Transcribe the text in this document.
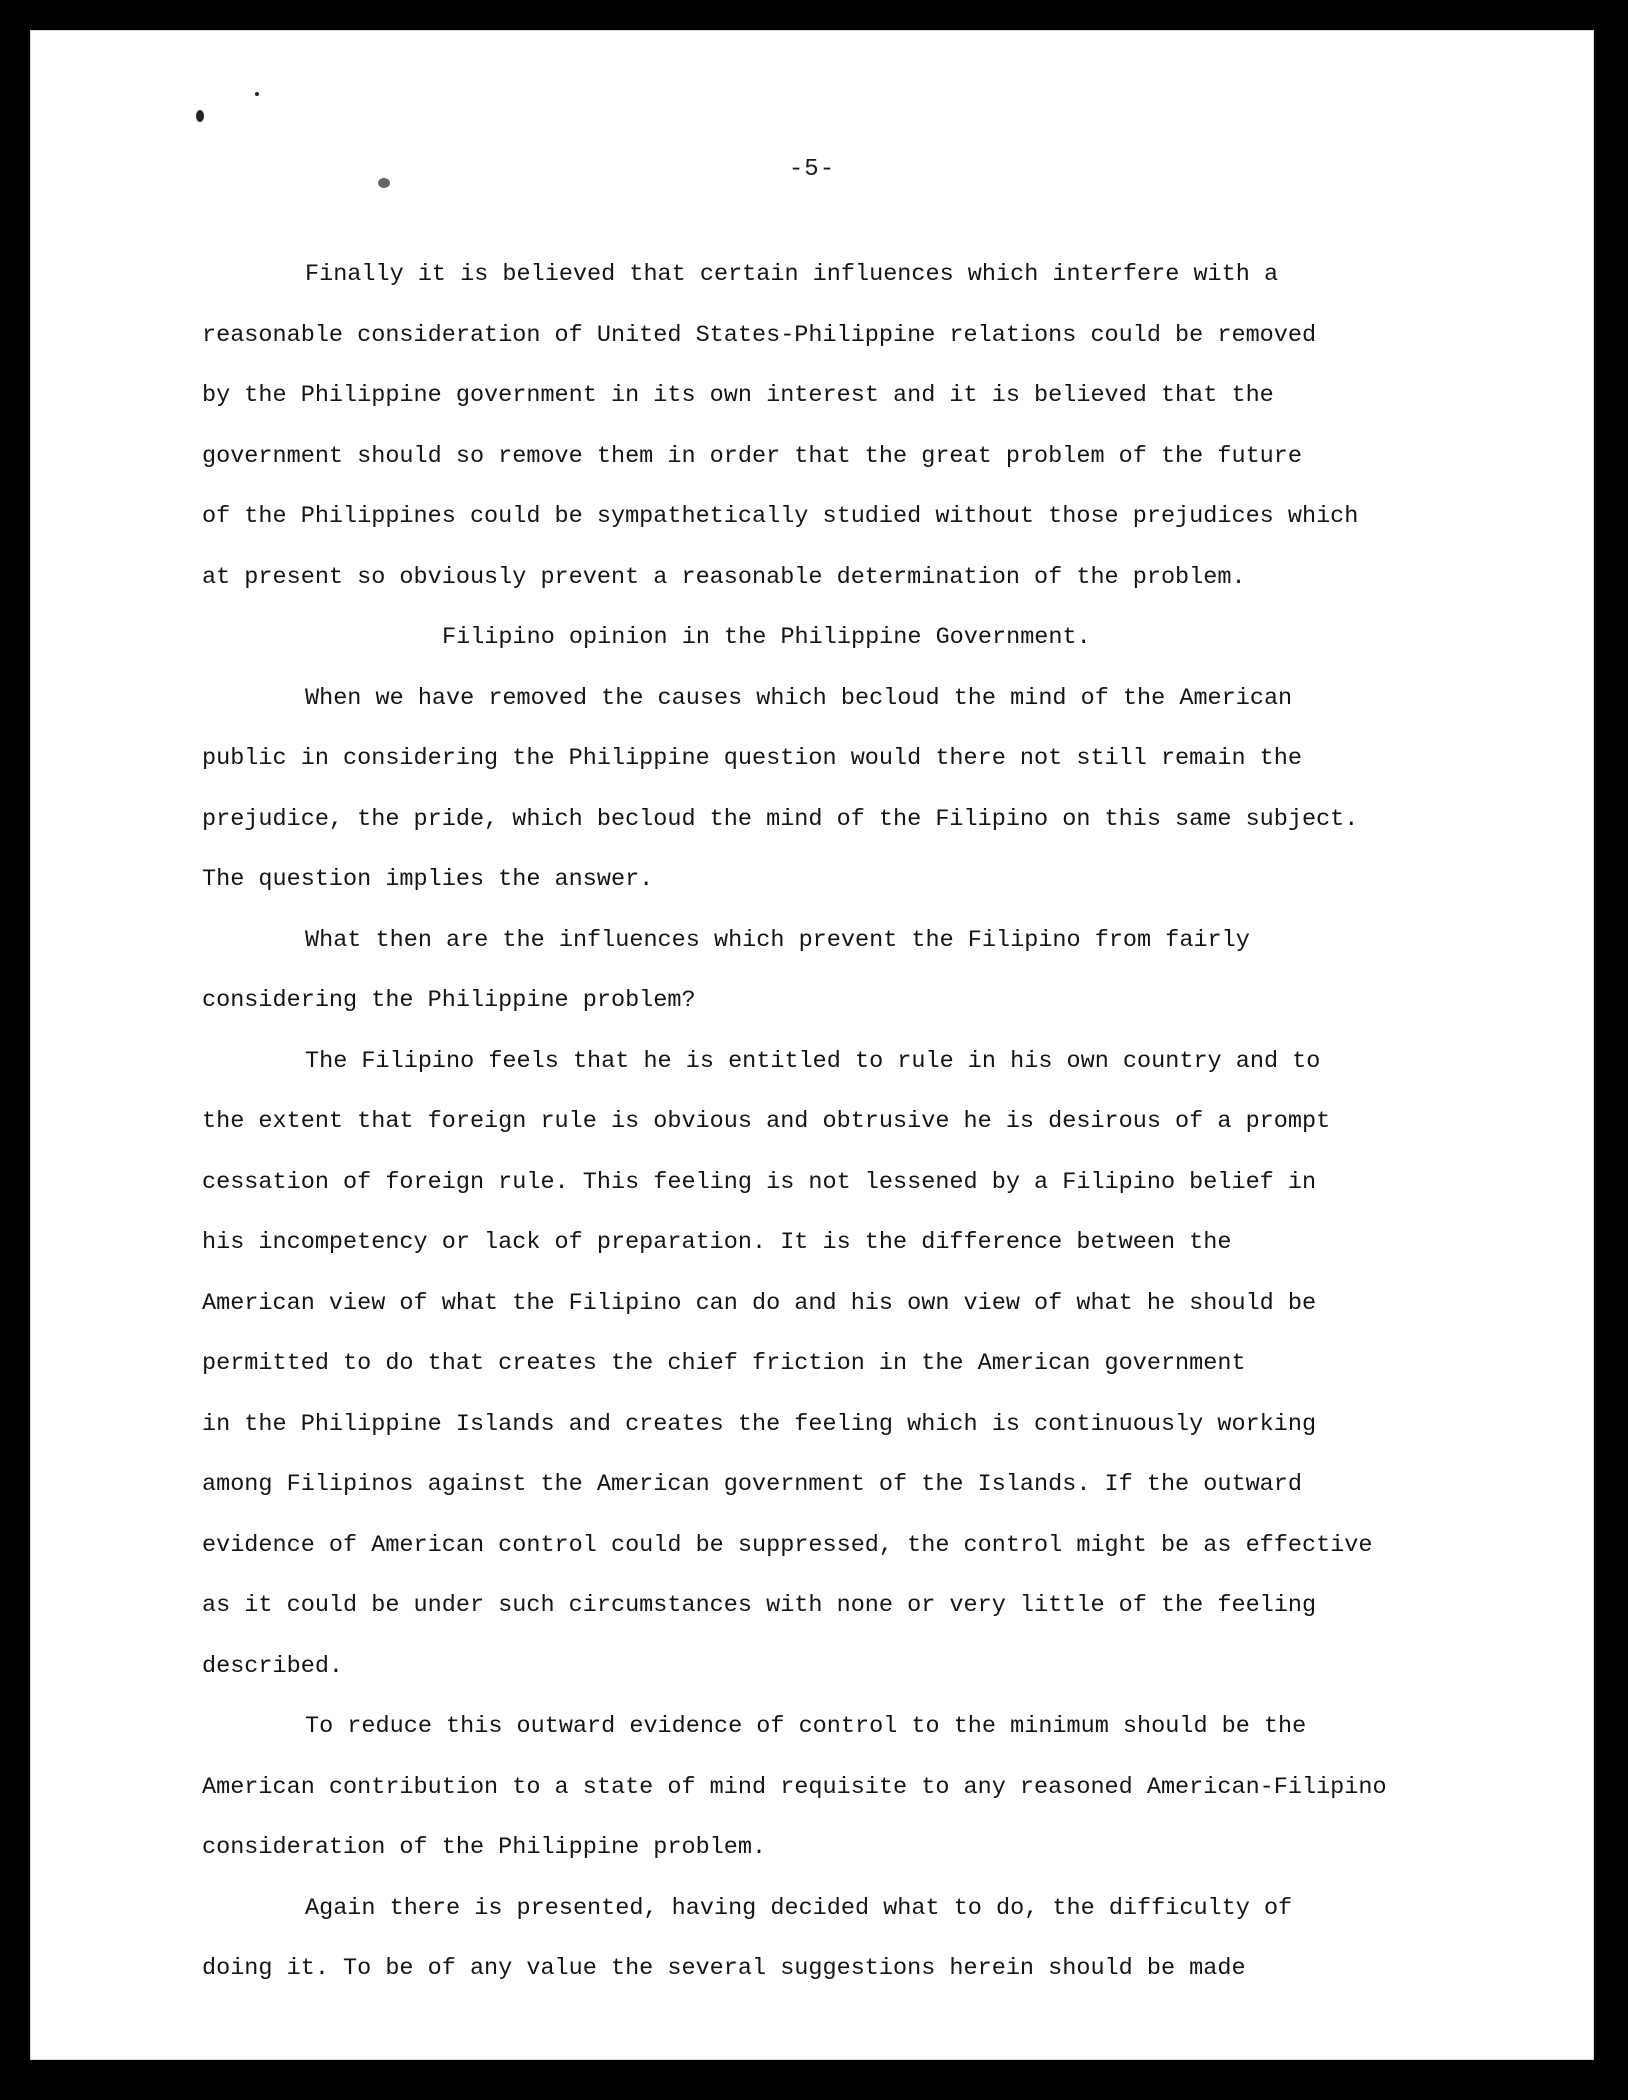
-5-
Finally it is believed that certain influences which interfere with a
reasonable consideration of United States-Philippine relations could be removed
by the Philippine government in its own interest and it is believed that the
government should so remove them in order that the great problem of the future
of the Philippines could be sympathetically studied without those prejudices which
at present so obviously prevent a reasonable determination of the problem.
Filipino opinion in the Philippine Government.
When we have removed the causes which becloud the mind of the American
public in considering the Philippine question would there not still remain the
prejudice, the pride, which becloud the mind of the Filipino on this same subject.
The question implies the answer.
What then are the influences which prevent the Filipino from fairly
considering the Philippine problem?
The Filipino feels that he is entitled to rule in his own country and to
the extent that foreign rule is obvious and obtrusive he is desirous of a prompt
cessation of foreign rule. This feeling is not lessened by a Filipino belief in
his incompetency or lack of preparation. It is the difference between the
American view of what the Filipino can do and his own view of what he should be
permitted to do that creates the chief friction in the American government
in the Philippine Islands and creates the feeling which is continuously working
among Filipinos against the American government of the Islands. If the outward
evidence of American control could be suppressed, the control might be as effective
as it could be under such circumstances with none or very little of the feeling
described.
To reduce this outward evidence of control to the minimum should be the
American contribution to a state of mind requisite to any reasoned American-Filipino
consideration of the Philippine problem.
Again there is presented, having decided what to do, the difficulty of
doing it. To be of any value the several suggestions herein should be made
